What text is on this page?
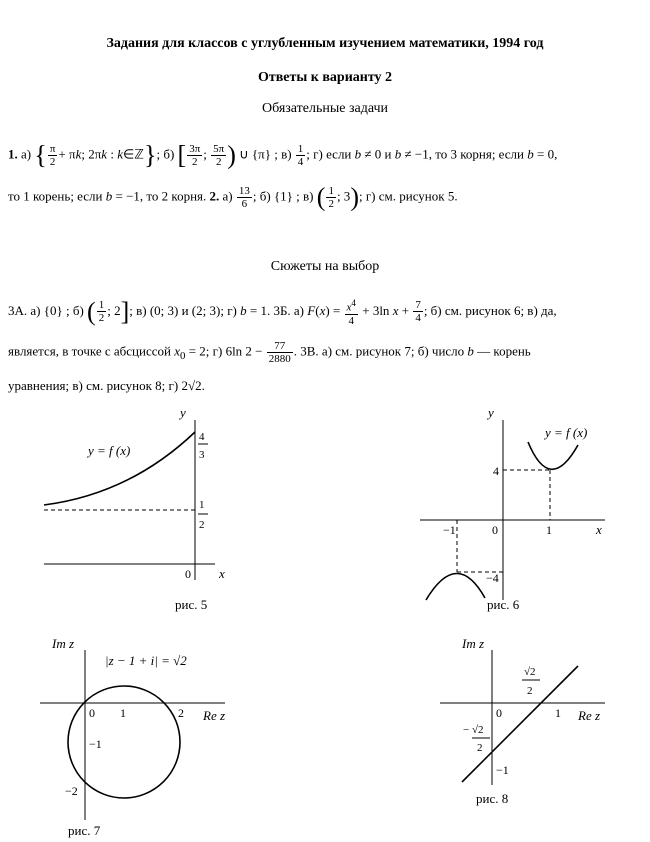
Задания для классов с углубленным изучением математики, 1994 год
Ответы к варианту 2
Обязательные задачи
1. а) { $\frac{\pi}{2} + \pi k$; 2πk : k∈ℤ}; б) [ $\frac{3\pi}{2}$ ; $\frac{5\pi}{2}$ ) ∪ {π} ; $в) \frac{1}{4}$ ; г) если b ≠ 0 и b ≠ −1, то 3 корня; если b = 0,
то 1 корень; если b = −1, то 2 корня. 2. $а) \frac{13}{6}$ ; б) {1} ; в) ( $\frac{1}{2}$ ; 3); г) см. рисунок 5.
Сюжеты на выбор
3А. а) {0} ; б) ( $\frac{1}{2}$ ; 2]; в) (0; 3) и (2; 3); г) b = 1. 3Б. а) $F(x) = \frac{x^4}{4} + 3\ln$ $x + \frac{7}{4}$ ; б) см. рисунок 6; в) да,
является, в точке с абсциссой $x_0 = 2$; г) 6ln $2 - \frac{77}{2880}$ . 3В. а) см. рисунок 7; б) число b — корень
уравнения; в) см. рисунок 8; г) 2√2.
y
x
0
y = f (x)
4
3
1
2
рис. 5
y
x
0
−1	1
4
−4
y = f (x)
рис. 6
Im z
Re z
0 1	2
−1
−2
|z − 1 + i| = √2
рис. 7
Im z
Re z
0	1
−1
√2
2
− √2
2
рис. 8
